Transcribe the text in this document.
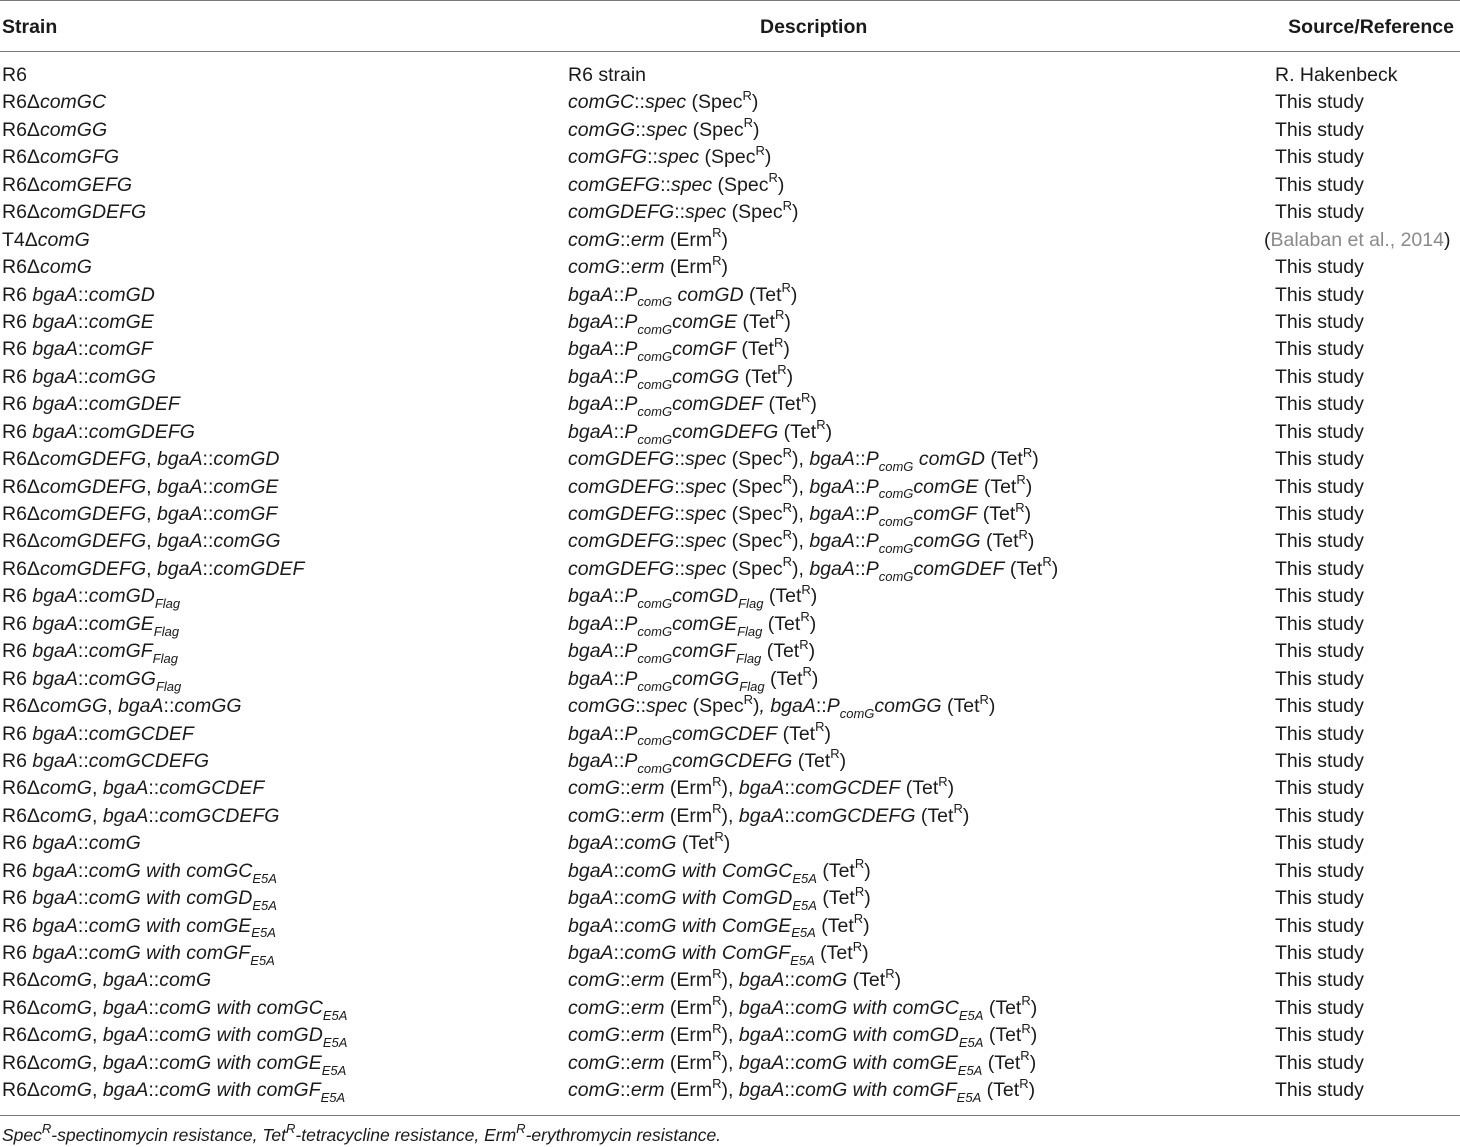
Strain	Description	Source/Reference
R6	R6 strain	R. Hakenbeck
R6ΔcomGC	comGC::spec (Spec$^R$)	This study
R6ΔcomGG	comGG::spec (Spec$^R$)	This study
R6ΔcomGFG	comGFG::spec (Spec$^R$)	This study
R6ΔcomGEFG	comGEFG::spec (Spec$^R$)	This study
R6ΔcomGDEFG	comGDEFG::spec (Spec$^R$)	This study
T4ΔcomG	comG::erm (Erm$^R$)	(Balaban et al., 2014)
R6ΔcomG	comG::erm (Erm$^R$)	This study
R6 bgaA::comGD	$bgaA::P_{comG}$ comGD (Tet$^R$)	This study
R6 bgaA::comGE	$bgaA::P_{comG}comGE$ (Tet$^R$)	This study
R6 bgaA::comGF	$bgaA::P_{comG}comGF$ (Tet$^R$)	This study
R6 bgaA::comGG	$bgaA::P_{comG}comGG$ (Tet$^R$)	This study
R6 bgaA::comGDEF	$bgaA::P_{comG}comGDEF$ (Tet$^R$)	This study
R6 bgaA::comGDEFG	$bgaA::P_{comG}comGDEFG$ (Tet$^R$)	This study
R6ΔcomGDEFG, bgaA::comGD	comGDEFG::spec (Spec$^R$), $bgaA::P_{comG}$ comGD (Tet$^R$)	This study
R6ΔcomGDEFG, bgaA::comGE	comGDEFG::spec (Spec$^R$), $bgaA::P_{comG}comGE$ (Tet$^R$)	This study
R6ΔcomGDEFG, bgaA::comGF	comGDEFG::spec (Spec$^R$), $bgaA::P_{comG}comGF$ (Tet$^R$)	This study
R6ΔcomGDEFG, bgaA::comGG	comGDEFG::spec (Spec$^R$), $bgaA::P_{comG}comGG$ (Tet$^R$)	This study
R6ΔcomGDEFG, bgaA::comGDEF	comGDEFG::spec (Spec$^R$), $bgaA::P_{comG}comGDEF$ (Tet$^R$)	This study
R6 bgaA::comGD$_{Flag}$	$bgaA::P_{comG}comGD_{Flag}$ (Tet$^R$)	This study
R6 bgaA::comGE$_{Flag}$	$bgaA::P_{comG}comGE_{Flag}$ (Tet$^R$)	This study
R6 bgaA::comGF$_{Flag}$	$bgaA::P_{comG}comGF_{Flag}$ (Tet$^R$)	This study
R6 bgaA::comGG$_{Flag}$	$bgaA::P_{comG}comGG_{Flag}$ (Tet$^R$)	This study
R6ΔcomGG, bgaA::comGG	comGG::spec (Spec$^R$), $bgaA::P_{comG}comGG$ (Tet$^R$)	This study
R6 bgaA::comGCDEF	$bgaA::P_{comG}comGCDEF$ (Tet$^R$)	This study
R6 bgaA::comGCDEFG	$bgaA::P_{comG}comGCDEFG$ (Tet$^R$)	This study
R6ΔcomG, bgaA::comGCDEF	comG::erm (Erm$^R$), bgaA::comGCDEF (Tet$^R$)	This study
R6ΔcomG, bgaA::comGCDEFG	comG::erm (Erm$^R$), bgaA::comGCDEFG (Tet$^R$)	This study
R6 bgaA::comG	bgaA::comG (Tet$^R$)	This study
R6 bgaA::comG with comGC$_{E5A}$	bgaA::comG with ComGC$_{E5A}$ (Tet$^R$)	This study
R6 bgaA::comG with comGD$_{E5A}$	bgaA::comG with ComGD$_{E5A}$ (Tet$^R$)	This study
R6 bgaA::comG with comGE$_{E5A}$	bgaA::comG with ComGE$_{E5A}$ (Tet$^R$)	This study
R6 bgaA::comG with comGF$_{E5A}$	bgaA::comG with ComGF$_{E5A}$ (Tet$^R$)	This study
R6ΔcomG, bgaA::comG	comG::erm (Erm$^R$), bgaA::comG (Tet$^R$)	This study
R6ΔcomG, bgaA::comG with comGC$_{E5A}$	comG::erm (Erm$^R$), bgaA::comG with comGC$_{E5A}$ (Tet$^R$)	This study
R6ΔcomG, bgaA::comG with comGD$_{E5A}$	comG::erm (Erm$^R$), bgaA::comG with comGD$_{E5A}$ (Tet$^R$)	This study
R6ΔcomG, bgaA::comG with comGE$_{E5A}$	comG::erm (Erm$^R$), bgaA::comG with comGE$_{E5A}$ (Tet$^R$)	This study
R6ΔcomG, bgaA::comG with comGF$_{E5A}$	comG::erm (Erm$^R$), bgaA::comG with comGF$_{E5A}$ (Tet$^R$)	This study
Spec$^R$-spectinomycin resistance, Tet$^R$-tetracycline resistance, Erm$^R$-erythromycin resistance.
